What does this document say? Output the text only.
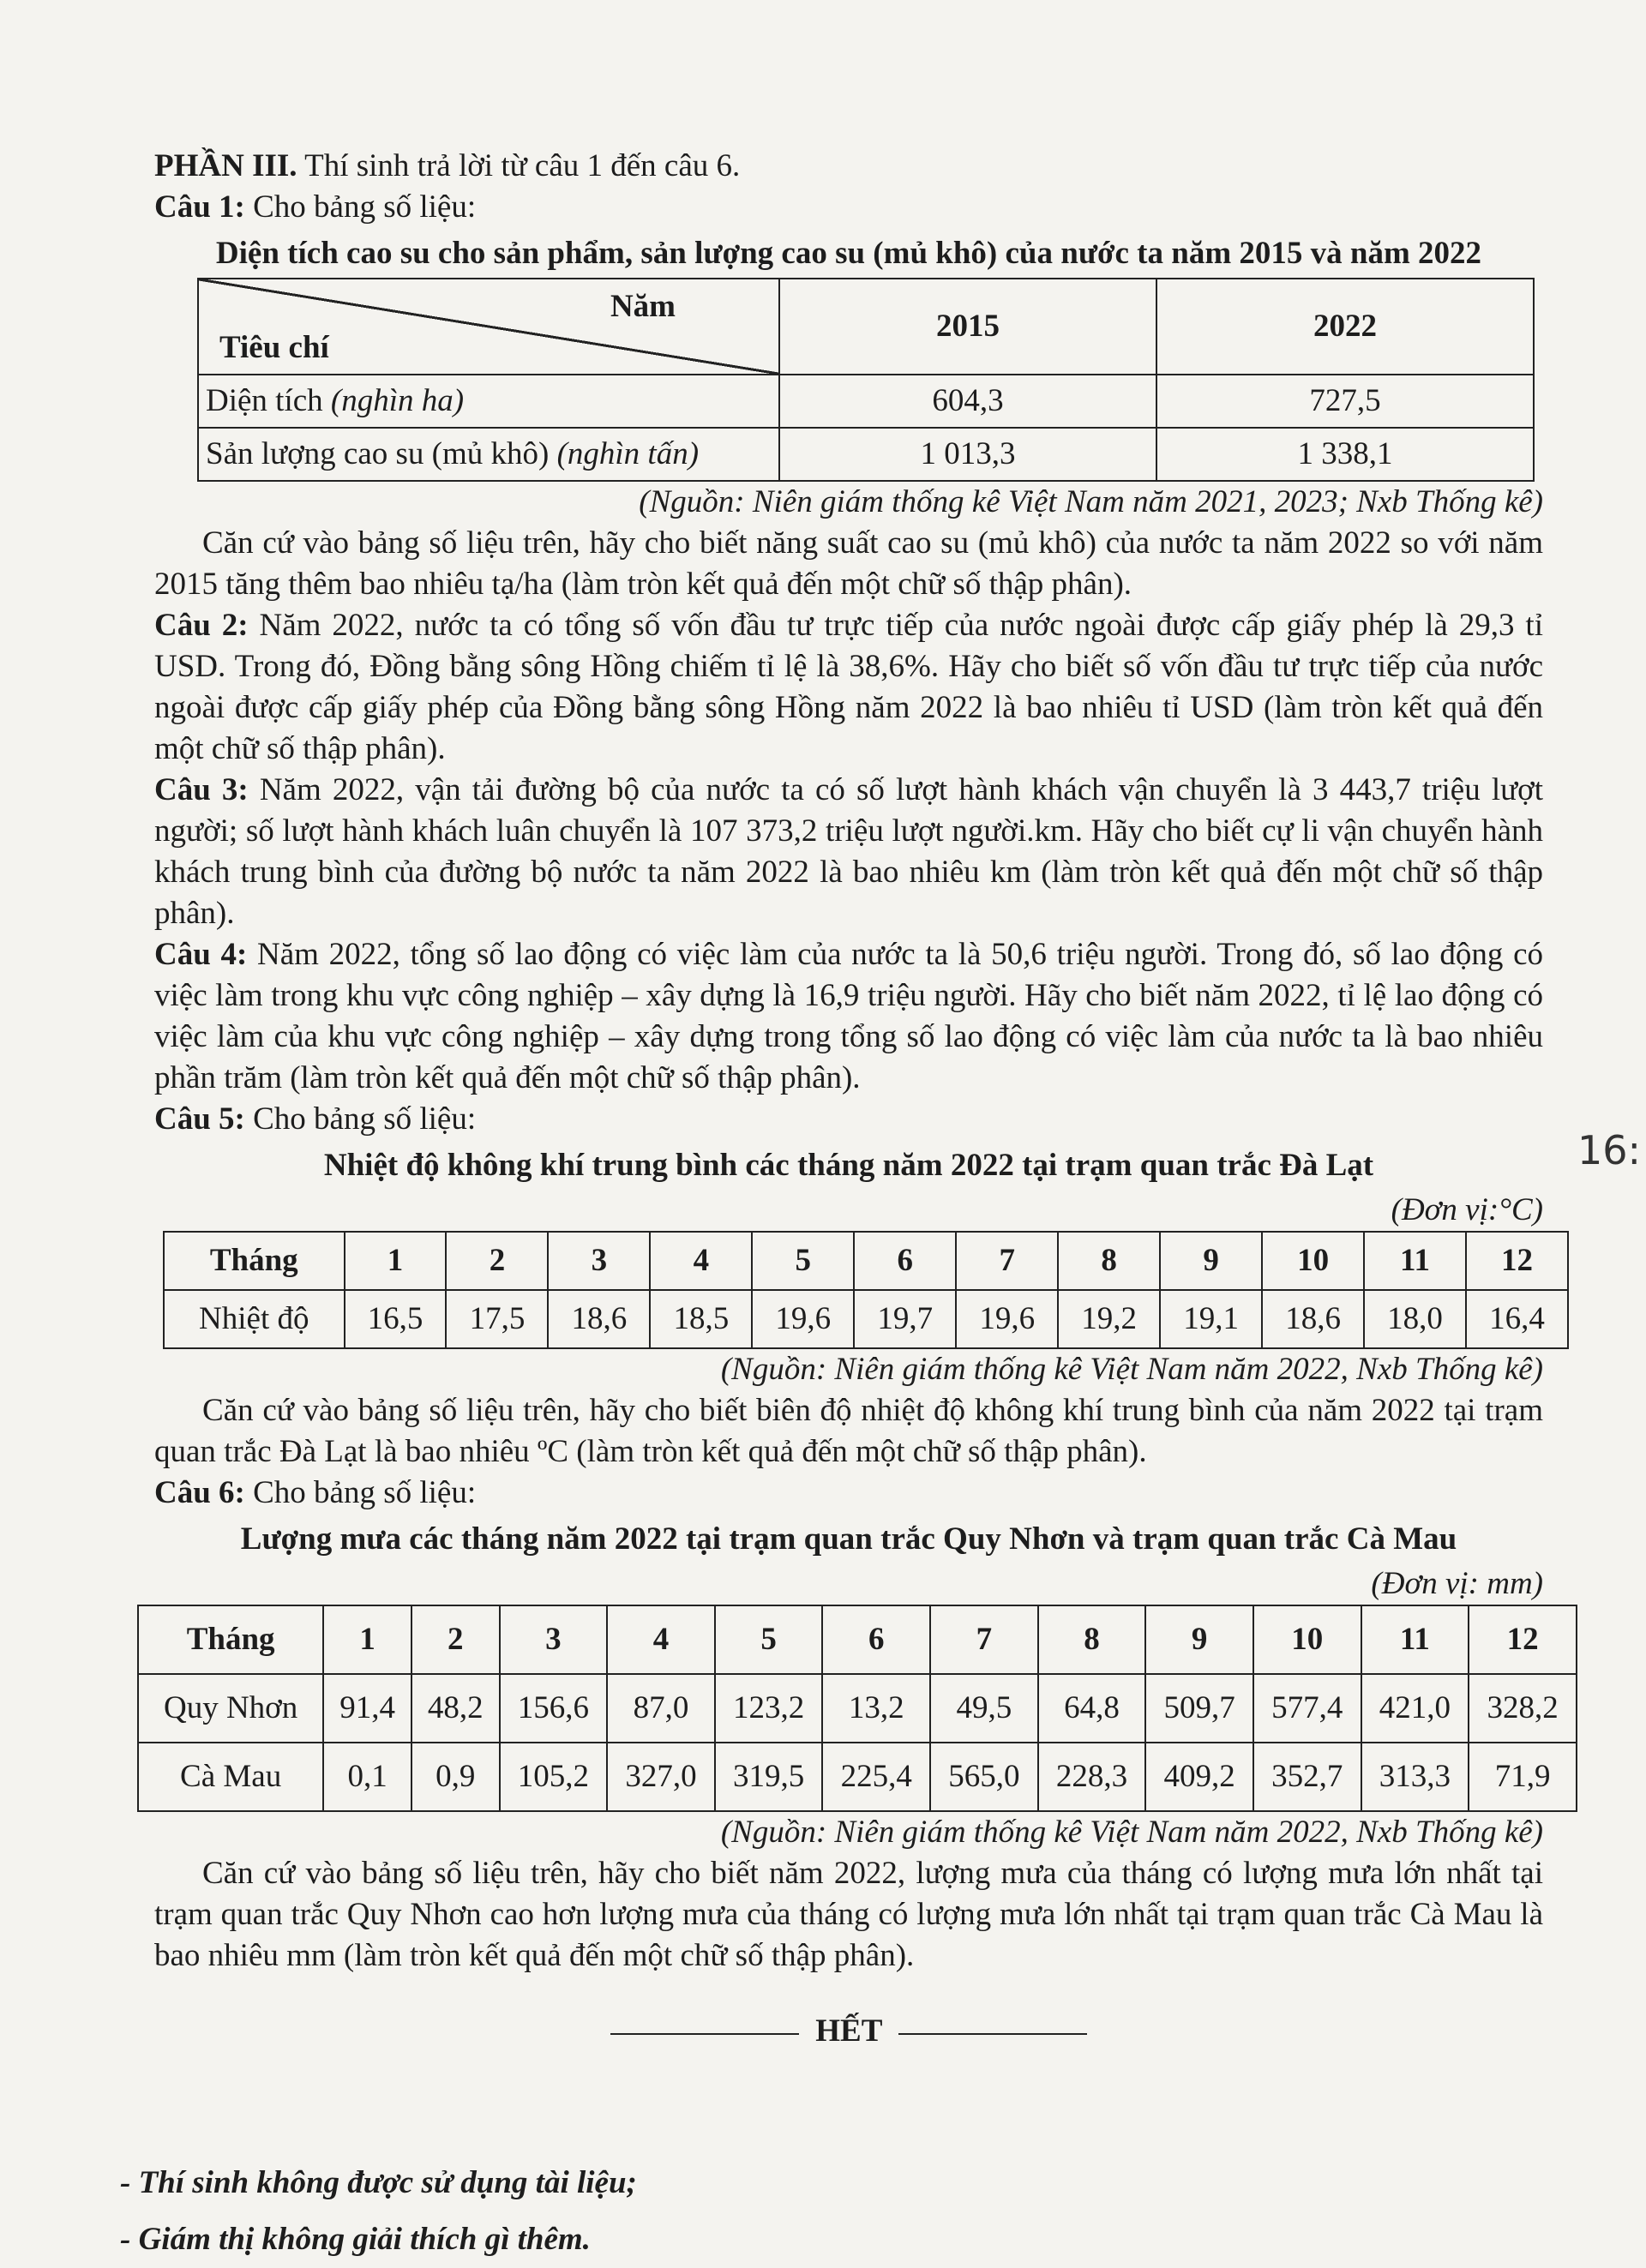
PHẦN III. Thí sinh trả lời từ câu 1 đến câu 6.

Câu 1: Cho bảng số liệu:

Diện tích cao su cho sản phẩm, sản lượng cao su (mủ khô) của nước ta năm 2015 và năm 2022
Năm
Tiêu chí	2015	2022
Diện tích (nghìn ha)	604,3	727,5
Sản lượng cao su (mủ khô) (nghìn tấn)	1 013,3	1 338,1
(Nguồn: Niên giám thống kê Việt Nam năm 2021, 2023; Nxb Thống kê)

Căn cứ vào bảng số liệu trên, hãy cho biết năng suất cao su (mủ khô) của nước ta năm 2022 so với năm 2015 tăng thêm bao nhiêu tạ/ha (làm tròn kết quả đến một chữ số thập phân).

Câu 2: Năm 2022, nước ta có tổng số vốn đầu tư trực tiếp của nước ngoài được cấp giấy phép là 29,3 tỉ USD. Trong đó, Đồng bằng sông Hồng chiếm tỉ lệ là 38,6%. Hãy cho biết số vốn đầu tư trực tiếp của nước ngoài được cấp giấy phép của Đồng bằng sông Hồng năm 2022 là bao nhiêu tỉ USD (làm tròn kết quả đến một chữ số thập phân).

Câu 3: Năm 2022, vận tải đường bộ của nước ta có số lượt hành khách vận chuyển là 3 443,7 triệu lượt người; số lượt hành khách luân chuyển là 107 373,2 triệu lượt người.km. Hãy cho biết cự li vận chuyển hành khách trung bình của đường bộ nước ta năm 2022 là bao nhiêu km (làm tròn kết quả đến một chữ số thập phân).

Câu 4: Năm 2022, tổng số lao động có việc làm của nước ta là 50,6 triệu người. Trong đó, số lao động có việc làm trong khu vực công nghiệp – xây dựng là 16,9 triệu người. Hãy cho biết năm 2022, tỉ lệ lao động có việc làm của khu vực công nghiệp – xây dựng trong tổng số lao động có việc làm của nước ta là bao nhiêu phần trăm (làm tròn kết quả đến một chữ số thập phân).

Câu 5: Cho bảng số liệu:

Nhiệt độ không khí trung bình các tháng năm 2022 tại trạm quan trắc Đà Lạt
(Đơn vị:°C)
Tháng	1	2	3	4	5	6	7	8	9	10	11	12
Nhiệt độ	16,5	17,5	18,6	18,5	19,6	19,7	19,6	19,2	19,1	18,6	18,0	16,4
(Nguồn: Niên giám thống kê Việt Nam năm 2022, Nxb Thống kê)

Căn cứ vào bảng số liệu trên, hãy cho biết biên độ nhiệt độ không khí trung bình của năm 2022 tại trạm quan trắc Đà Lạt là bao nhiêu ºC (làm tròn kết quả đến một chữ số thập phân).

Câu 6: Cho bảng số liệu:

Lượng mưa các tháng năm 2022 tại trạm quan trắc Quy Nhơn và trạm quan trắc Cà Mau
(Đơn vị: mm)
Tháng	1	2	3	4	5	6	7	8	9	10	11	12
Quy Nhơn	91,4	48,2	156,6	87,0	123,2	13,2	49,5	64,8	509,7	577,4	421,0	328,2
Cà Mau	0,1	0,9	105,2	327,0	319,5	225,4	565,0	228,3	409,2	352,7	313,3	71,9
(Nguồn: Niên giám thống kê Việt Nam năm 2022, Nxb Thống kê)

Căn cứ vào bảng số liệu trên, hãy cho biết năm 2022, lượng mưa của tháng có lượng mưa lớn nhất tại trạm quan trắc Quy Nhơn cao hơn lượng mưa của tháng có lượng mưa lớn nhất tại trạm quan trắc Cà Mau là bao nhiêu mm (làm tròn kết quả đến một chữ số thập phân).

HẾT
- Thí sinh không được sử dụng tài liệu;
- Giám thị không giải thích gì thêm.
16:
